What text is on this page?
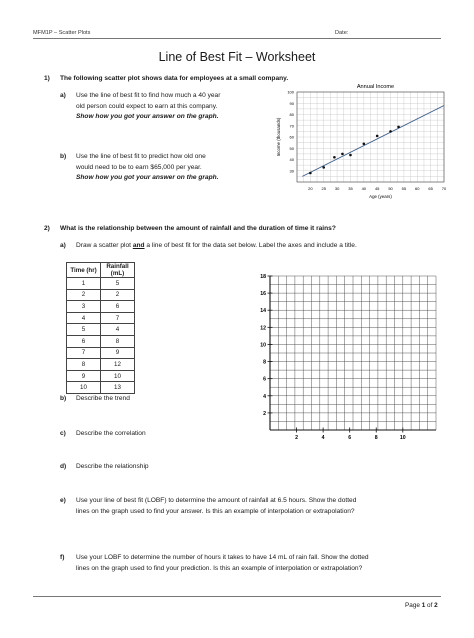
MFM1P – Scatter Plots	Date:
Line of Best Fit – Worksheet
1) The following scatter plot shows data for employees at a small company.
a) Use the line of best fit to find how much a 40 year
old person could expect to earn at this company.
Show how you got your answer on the graph.
b) Use the line of best fit to predict how old one
would need to be to earn $65,000 per year.
Show how you got your answer on the graph.
Annual Income
20 25 30 35 40 45 50 55 60 65 70
30
40
50
60
70
80
90
100
Age (years)
Income (thousands)
2) What is the relationship between the amount of rainfall and the duration of time it rains?
a) Draw a scatter plot and a line of best fit for the data set below. Label the axes and include a title.
Time (hr)	Rainfall (mL)
1	5
2	2
3	6
4	7
5	4
6	8
7	9
8	12
9	10
10	13
2
4
6
8
10
12
14
16
18
2	4	6	8	10
b) Describe the trend
c) Describe the correlation
d) Describe the relationship
e) Use your line of best fit (LOBF) to determine the amount of rainfall at 6.5 hours. Show the dotted
lines on the graph used to find your answer. Is this an example of interpolation or extrapolation?
f) Use your LOBF to determine the number of hours it takes to have 14 mL of rain fall. Show the dotted
lines on the graph used to find your prediction. Is this an example of interpolation or extrapolation?
Page 1 of 2
